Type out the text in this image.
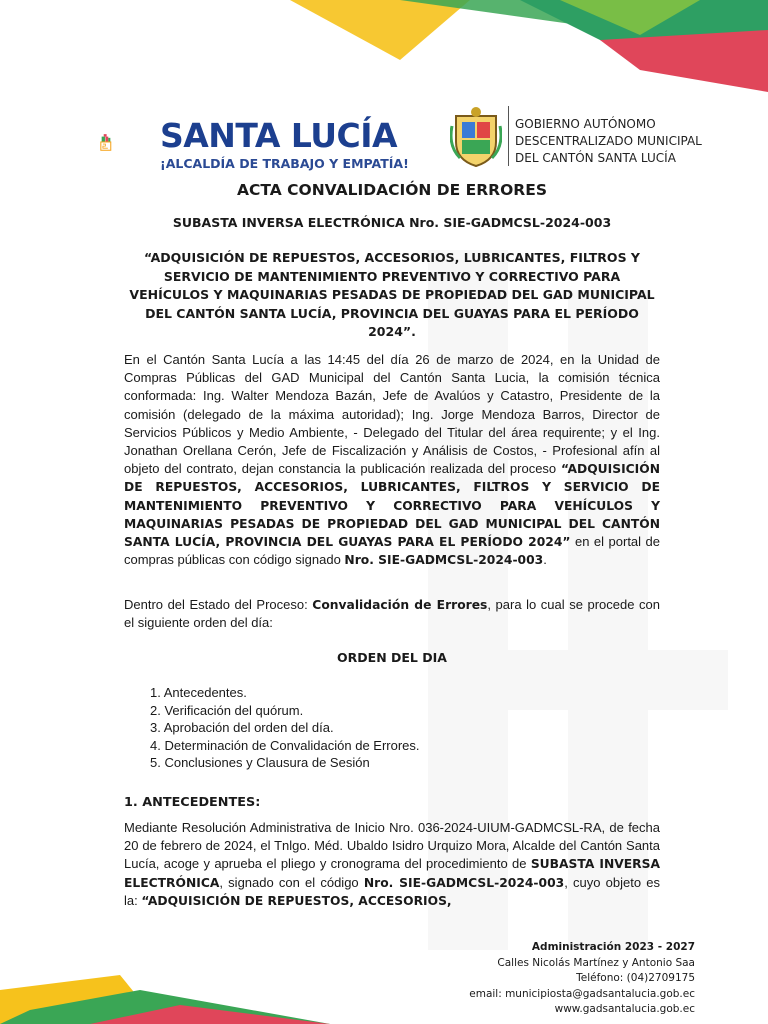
SANTA LUCÍA
¡ALCALDÍA DE TRABAJO Y EMPATÍA!
GOBIERNO AUTÓNOMO
DESCENTRALIZADO MUNICIPAL
DEL CANTÓN SANTA LUCÍA
ACTA CONVALIDACIÓN DE ERRORES
SUBASTA INVERSA ELECTRÓNICA Nro. SIE-GADMCSL-2024-003
“ADQUISICIÓN DE REPUESTOS, ACCESORIOS, LUBRICANTES, FILTROS Y SERVICIO DE MANTENIMIENTO PREVENTIVO Y CORRECTIVO PARA VEHÍCULOS Y MAQUINARIAS PESADAS DE PROPIEDAD DEL GAD MUNICIPAL DEL CANTÓN SANTA LUCÍA, PROVINCIA DEL GUAYAS PARA EL PERÍODO 2024”.
En el Cantón Santa Lucía a las 14:45 del día 26 de marzo de 2024, en la Unidad de Compras Públicas del GAD Municipal del Cantón Santa Lucia, la comisión técnica conformada: Ing. Walter Mendoza Bazán, Jefe de Avalúos y Catastro, Presidente de la comisión (delegado de la máxima autoridad); Ing. Jorge Mendoza Barros, Director de Servicios Públicos y Medio Ambiente, - Delegado del Titular del área requirente; y el Ing. Jonathan Orellana Cerón, Jefe de Fiscalización y Análisis de Costos, - Profesional afín al objeto del contrato, dejan constancia la publicación realizada del proceso “ADQUISICIÓN DE REPUESTOS, ACCESORIOS, LUBRICANTES, FILTROS Y SERVICIO DE MANTENIMIENTO PREVENTIVO Y CORRECTIVO PARA VEHÍCULOS Y MAQUINARIAS PESADAS DE PROPIEDAD DEL GAD MUNICIPAL DEL CANTÓN SANTA LUCÍA, PROVINCIA DEL GUAYAS PARA EL PERÍODO 2024” en el portal de compras públicas con código signado Nro. SIE-GADMCSL-2024-003.
Dentro del Estado del Proceso: Convalidación de Errores, para lo cual se procede con el siguiente orden del día:
ORDEN DEL DIA
1. Antecedentes.
2. Verificación del quórum.
3. Aprobación del orden del día.
4. Determinación de Convalidación de Errores.
5. Conclusiones y Clausura de Sesión
1. ANTECEDENTES:
Mediante Resolución Administrativa de Inicio Nro. 036-2024-UIUM-GADMCSL-RA, de fecha 20 de febrero de 2024, el Tnlgo. Méd. Ubaldo Isidro Urquizo Mora, Alcalde del Cantón Santa Lucía, acoge y aprueba el pliego y cronograma del procedimiento de SUBASTA INVERSA ELECTRÓNICA, signado con el código Nro. SIE-GADMCSL-2024-003, cuyo objeto es la: “ADQUISICIÓN DE REPUESTOS, ACCESORIOS,
Administración 2023 - 2027
Calles Nicolás Martínez y Antonio Saa
Teléfono: (04)2709175
email: municipiosta@gadsantalucia.gob.ec
www.gadsantalucia.gob.ec
